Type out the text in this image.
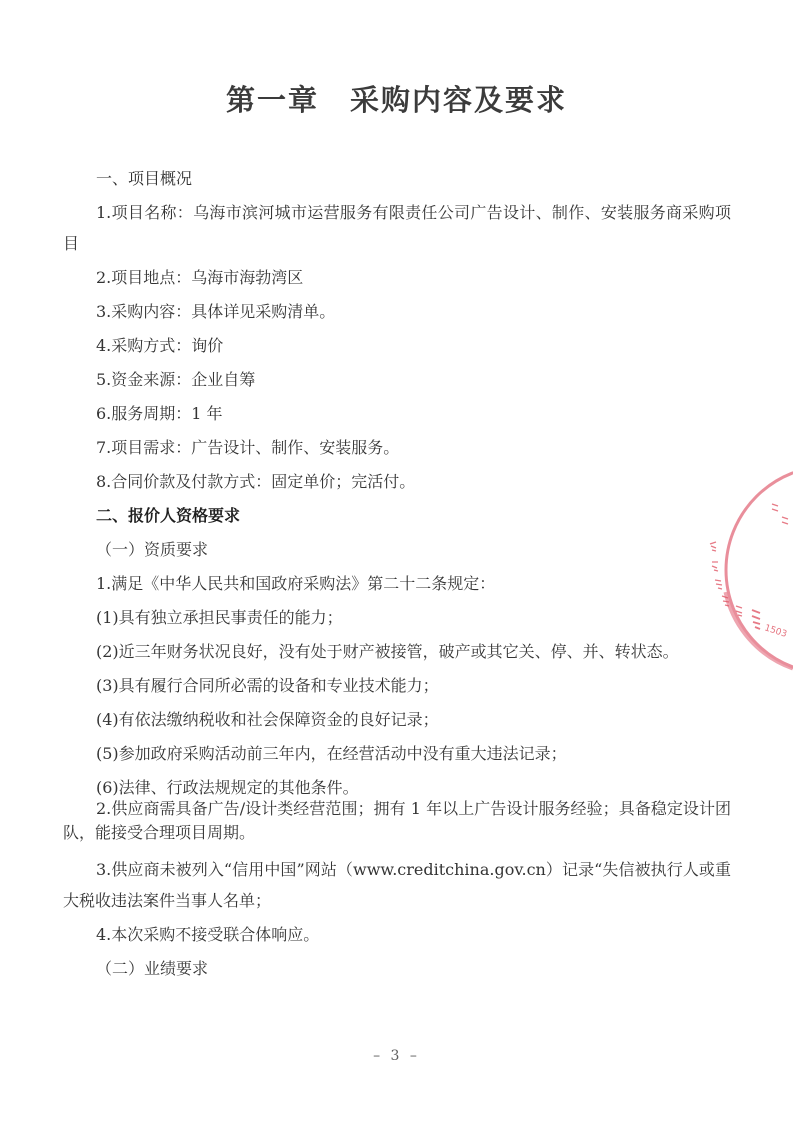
第一章　采购内容及要求
一、项目概况
1.项目名称：乌海市滨河城市运营服务有限责任公司广告设计、制作、安装服务商采购项目
2.项目地点：乌海市海勃湾区
3.采购内容：具体详见采购清单。
4.采购方式：询价
5.资金来源：企业自筹
6.服务周期：1 年
7.项目需求：广告设计、制作、安装服务。
8.合同价款及付款方式：固定单价；完活付。
二、报价人资格要求
（一）资质要求
1.满足《中华人民共和国政府采购法》第二十二条规定：
(1)具有独立承担民事责任的能力；
(2)近三年财务状况良好，没有处于财产被接管，破产或其它关、停、并、转状态。
(3)具有履行合同所必需的设备和专业技术能力；
(4)有依法缴纳税收和社会保障资金的良好记录；
(5)参加政府采购活动前三年内，在经营活动中没有重大违法记录；
(6)法律、行政法规规定的其他条件。
2.供应商需具备广告/设计类经营范围；拥有 1 年以上广告设计服务经验；具备稳定设计团队，能接受合理项目周期。
3.供应商未被列入“信用中国”网站（www.creditchina.gov.cn）记录“失信被执行人或重大税收违法案件当事人名单；
4.本次采购不接受联合体响应。
（二）业绩要求
1503
– 3 –
